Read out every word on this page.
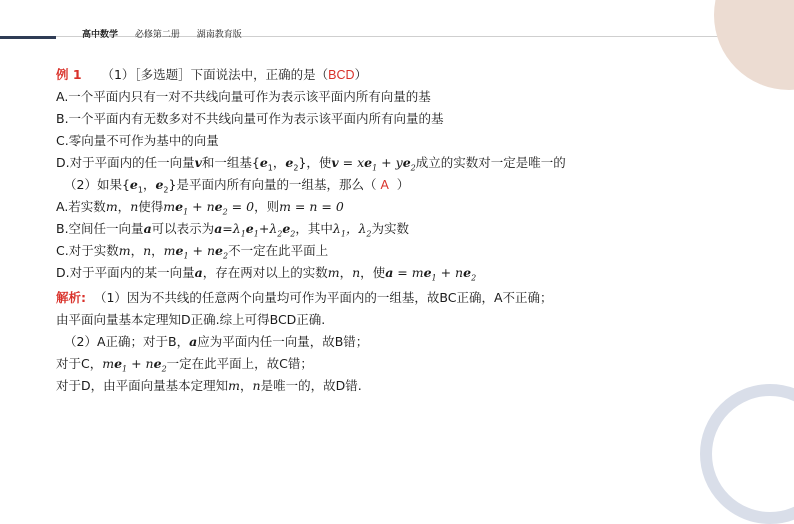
高中数学 必修第二册 湖南教育版
例 1 （1）［多选题］下面说法中，正确的是（BCD）
A.一个平面内只有一对不共线向量可作为表示该平面内所有向量的基
B.一个平面内有无数多对不共线向量可作为表示该平面内所有向量的基
C.零向量不可作为基中的向量
D.对于平面内的任一向量v和一组基{$e_1$，$e_2$}，使$v = xe_1 + ye_2$成立的实数对一定是唯一的
（2）如果{$e_1$，$e_2$}是平面内所有向量的一组基，那么（ A ）
A.若实数m，n使得$me_1 + ne_2 = 0$，则m = n = 0
B.空间任一向量a可以表示为$a=\lambda_1e_1+\lambda_2e_2$，其中$\lambda_1$，$\lambda_2$为实数
C.对于实数m，n，$me_1 + ne_2$不一定在此平面上
D.对于平面内的某一向量a，存在两对以上的实数m，n，使$a = me_1 + ne_2$
解析: （1）因为不共线的任意两个向量均可作为平面内的一组基，故BC正确，A不正确；
由平面向量基本定理知D正确.综上可得BCD正确.
（2）A正确；对于B，a应为平面内任一向量，故B错；
对于C，$me_1 + ne_2$一定在此平面上，故C错；
对于D，由平面向量基本定理知m，n是唯一的，故D错.
